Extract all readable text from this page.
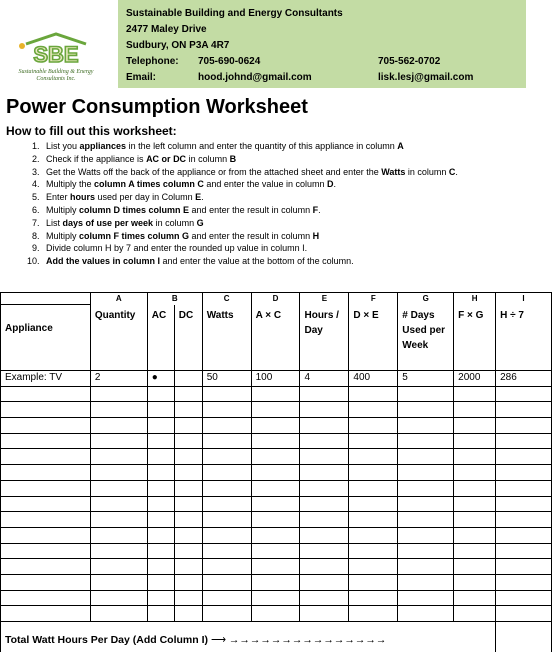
SBE
Sustainable Building & Energy
Consultants Inc.
Sustainable Building and Energy Consultants
2477 Maley Drive
Sudbury, ON P3A 4R7
Telephone:	705-690-0624	705-562-0702
Email:	hood.johnd@gmail.com	lisk.lesj@gmail.com
Power Consumption Worksheet
How to fill out this worksheet:
1. List you appliances in the left column and enter the quantity of this appliance in column A
2. Check if the appliance is AC or DC in column B
3. Get the Watts off the back of the appliance or from the attached sheet and enter the Watts in column C.
4. Multiply the column A times column C and enter the value in column D.
5. Enter hours used per day in Column E.
6. Multiply column D times column E and enter the result in column F.
7. List days of use per week in column G
8. Multiply column F times column G and enter the result in column H
9. Divide column H by 7 and enter the rounded up value in column I.
10. Add the values in column I and enter the value at the bottom of the column.
	A	B		C	D	E	F	G	H	I
Appliance	Quantity	AC	DC	Watts	A × C	Hours / Day	D × E	# Days Used per Week	F × G	H ÷ 7
Example: TV	2	●		50	100	4	400	5	2000	286

Total Watt Hours Per Day (Add Column I) ⟶ →→→→→→→→→→→→→→→										
